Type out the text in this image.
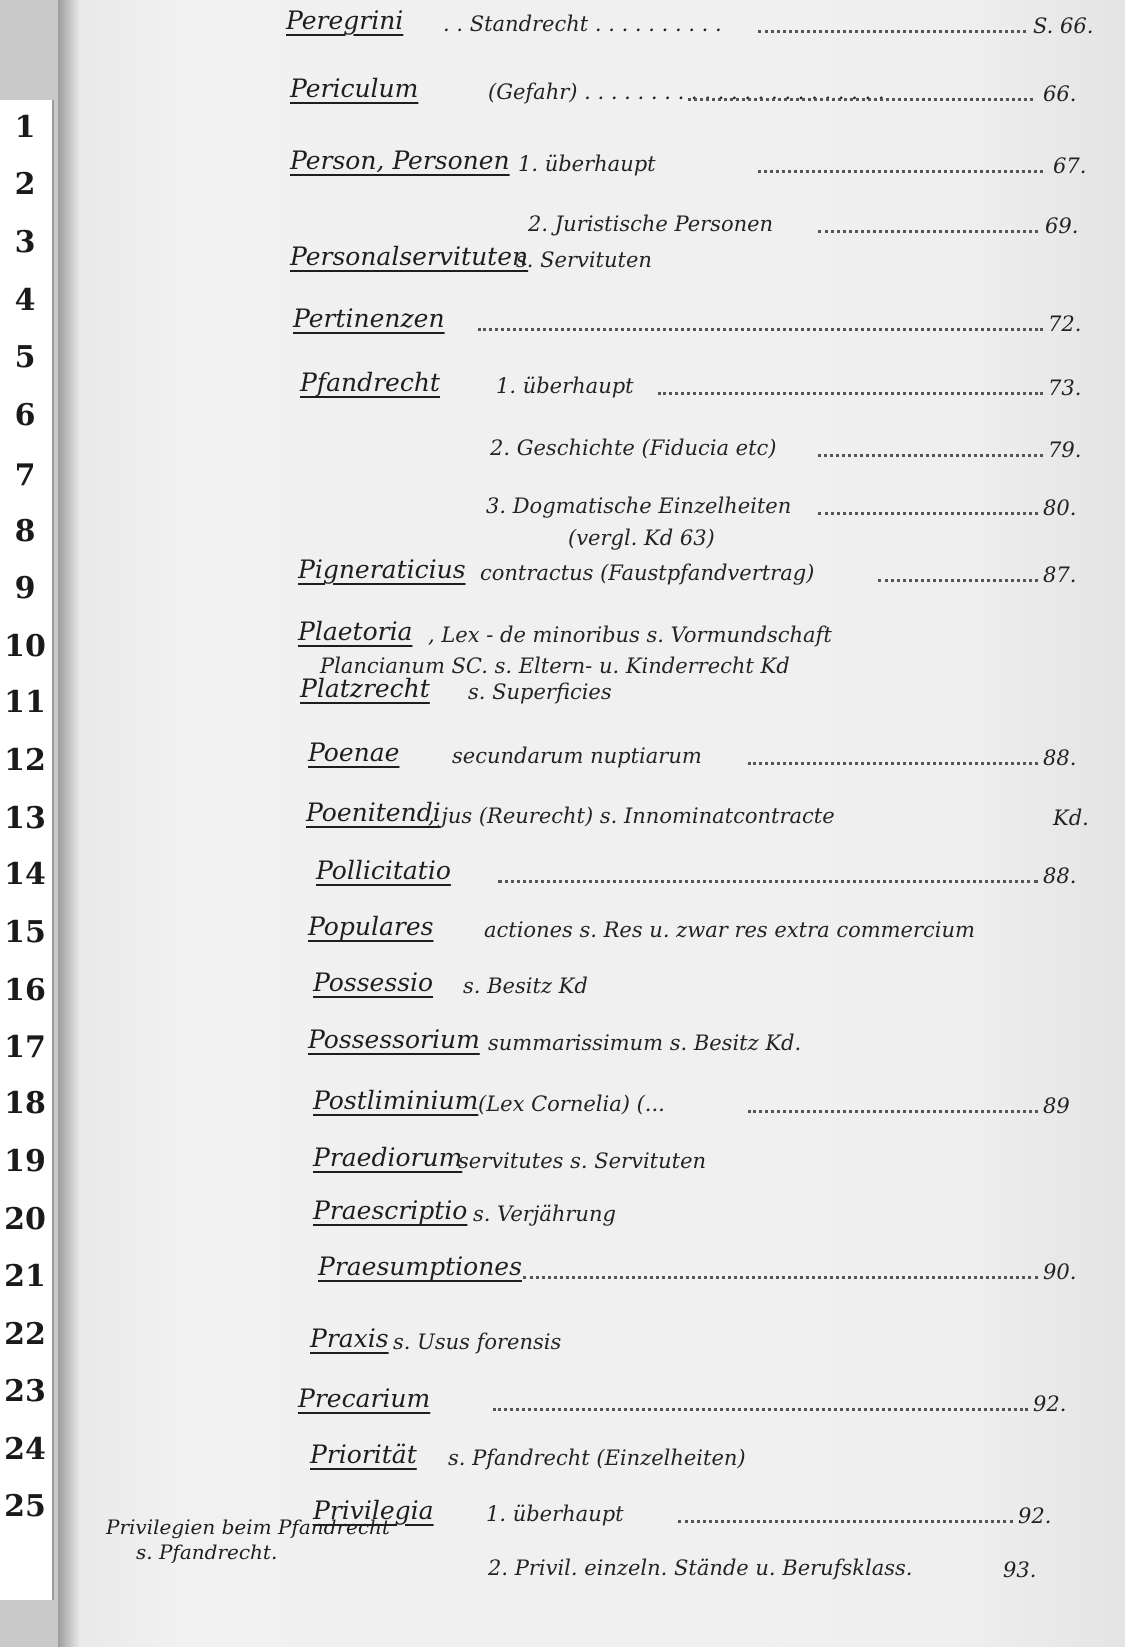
Peregrini . . Standrecht . . . . . . . . . .	S. 66.
Periculum	(Gefahr) . . . . . . . . . . . . . . . . . . . . . . .	66.
Person, Personen 1. überhaupt	67.
2. Juristische Personen	69.
Personalservituten
s. Servituten
Pertinenzen	72.
Pfandrecht	1. überhaupt	73.
2. Geschichte (Fiducia etc)	79.
3. Dogmatische Einzelheiten	80.
(vergl. Kd 63)
Pigneraticius contractus (Faustpfandvertrag)	87.
Plaetoria , Lex - de minoribus s. Vormundschaft
Plancianum SC. s. Eltern- u. Kinderrecht Kd
Platzrecht s. Superficies
Poenae	secundarum nuptiarum	88.
Poenitendi
, jus (Reurecht) s. Innominatcontracte	Kd.
Pollicitatio	88.
Populares actiones s. Res u. zwar res extra commercium
Possessio s. Besitz Kd
Possessorium summarissimum s. Besitz Kd.
Postliminium (Lex Cornelia) (...	89
Praediorum
servitutes s. Servituten
Praescriptio s. Verjährung
Praesumptiones	90.
Praxis s. Usus forensis
Precarium	92.
Priorität s. Pfandrecht (Einzelheiten)
Privilegia 1. überhaupt	92.
2. Privil. einzeln. Stände u. Berufsklass.	93.
Privilegien beim Pfandrecht
s. Pfandrecht.
1
2
3
4
5
6
7
8
9
10
11
12
13
14
15
16
17
18
19
20
21
22
23
24
25
